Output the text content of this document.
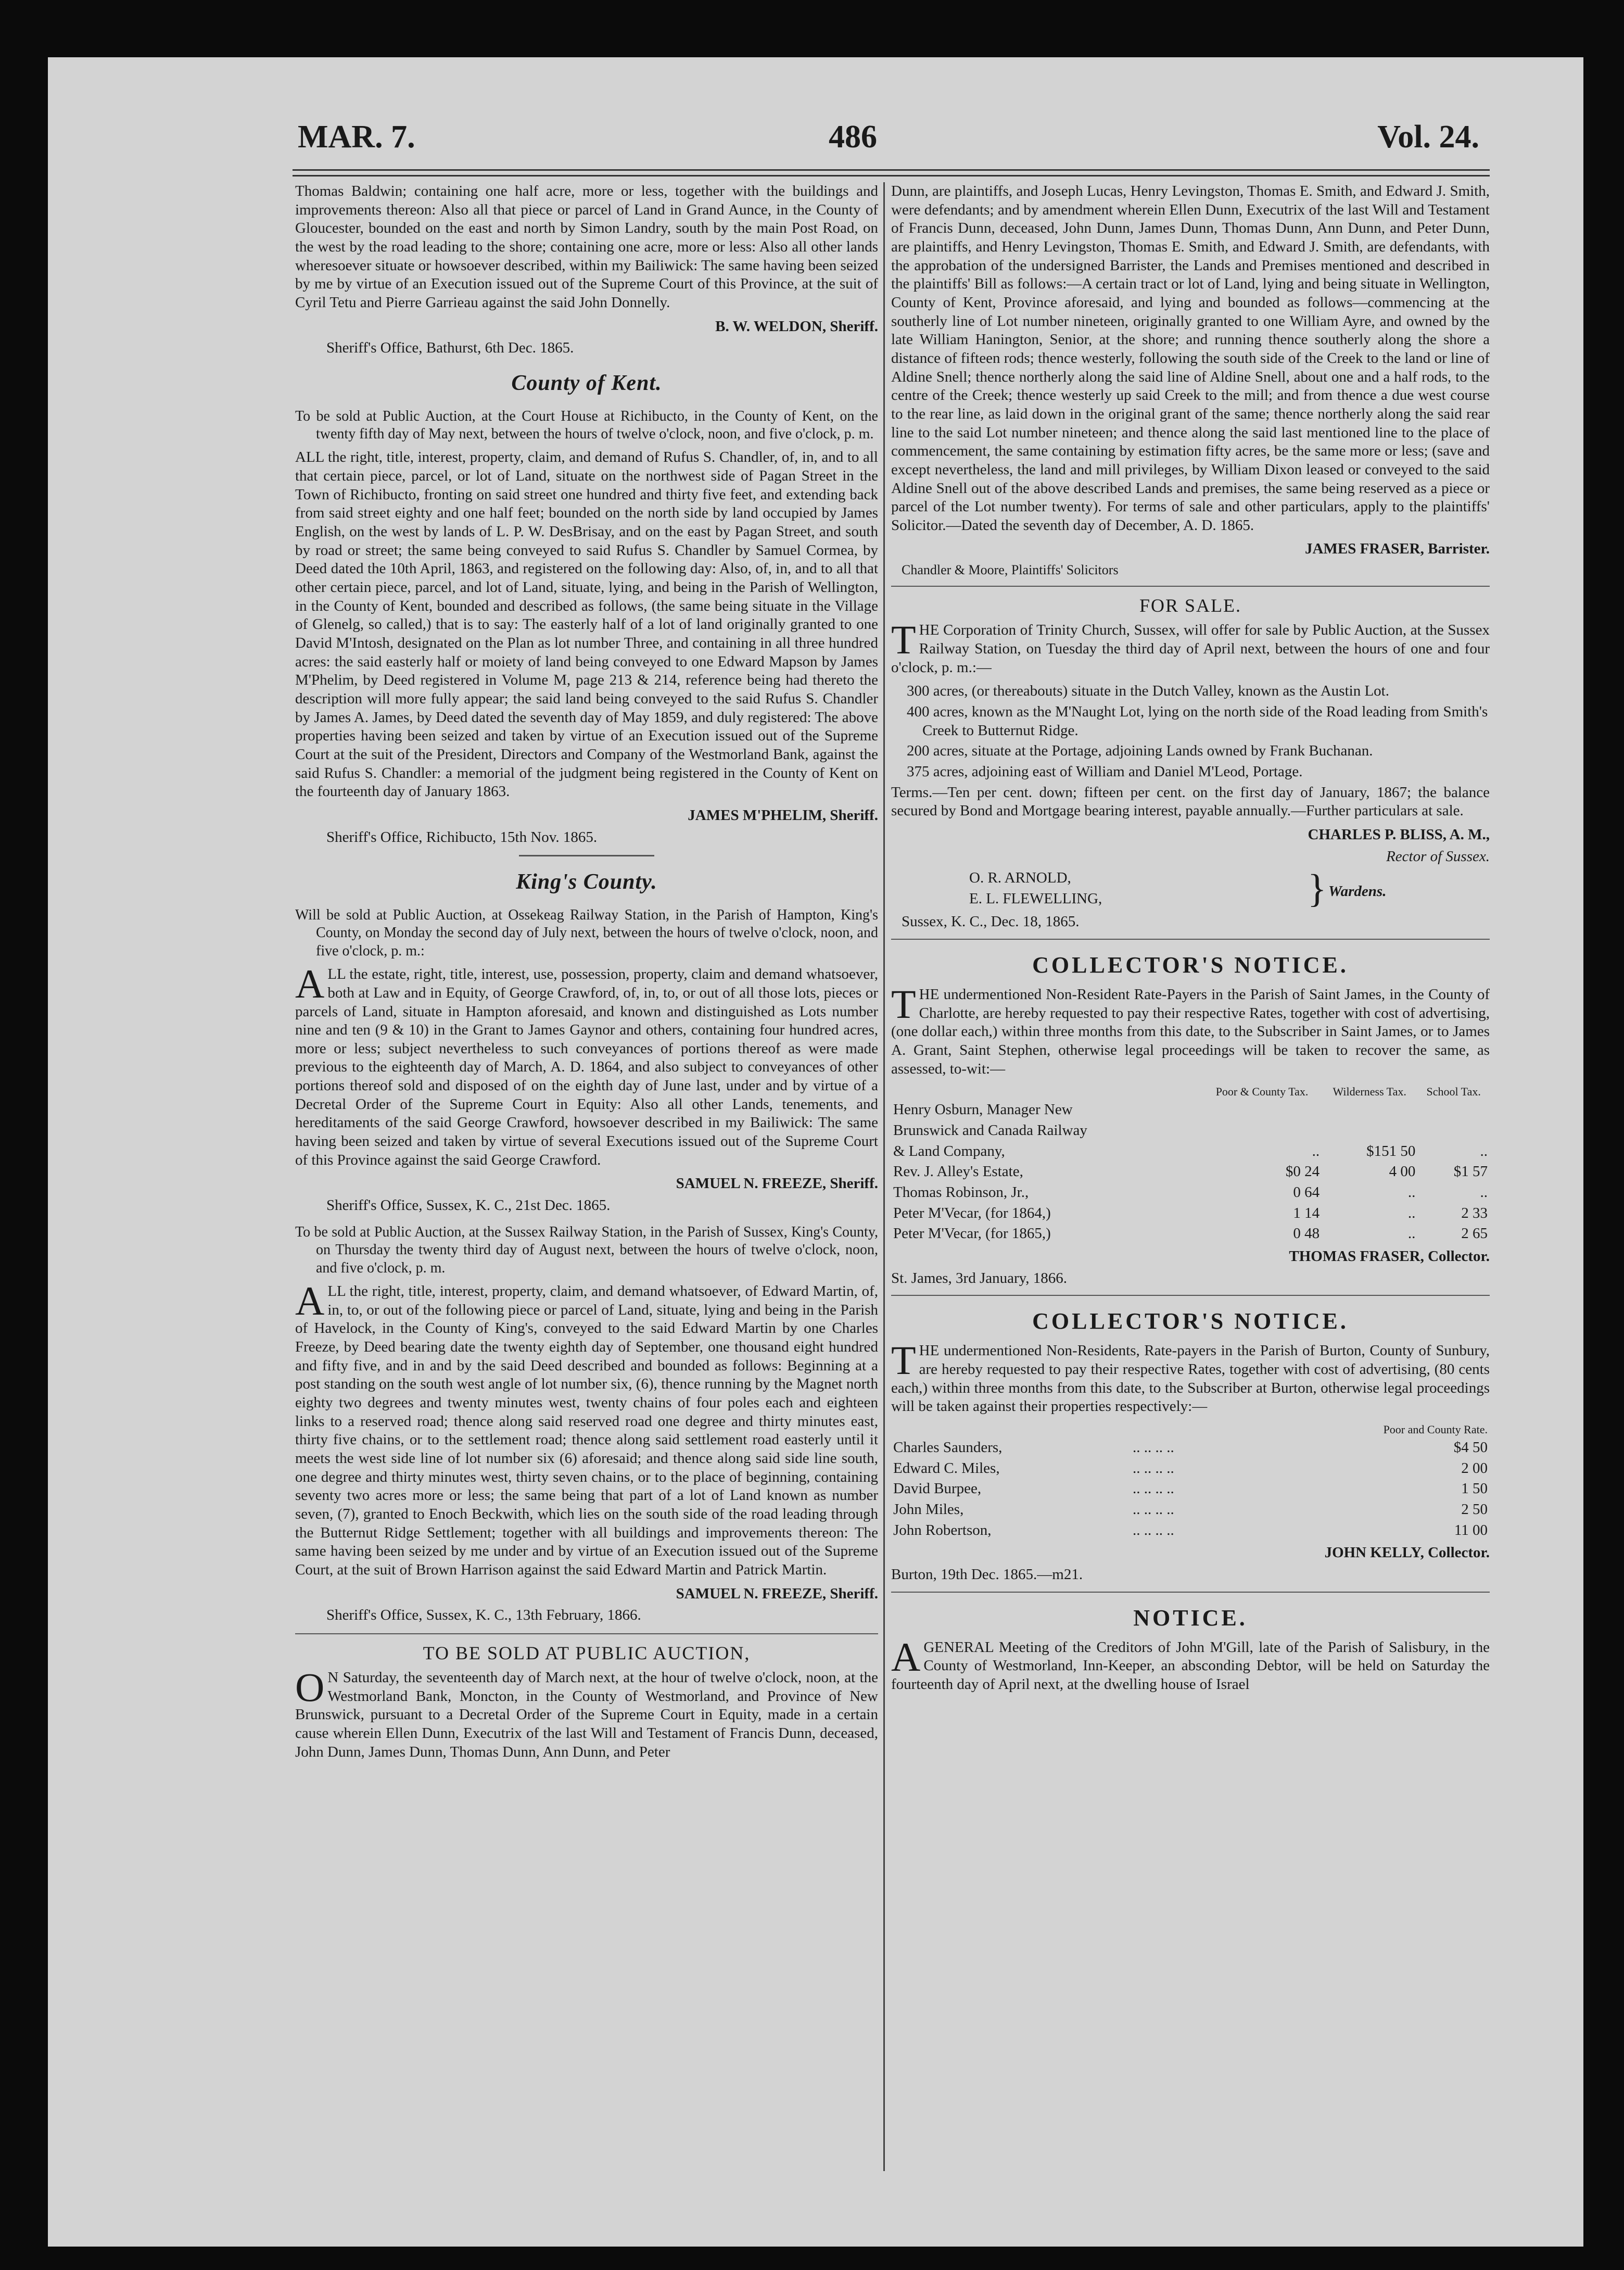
MAR. 7.	486	Vol. 24.

Thomas Baldwin; containing one half acre, more or less, together with the buildings and improvements thereon: Also all that piece or parcel of Land in Grand Aunce, in the County of Gloucester, bounded on the east and north by Simon Landry, south by the main Post Road, on the west by the road leading to the shore; containing one acre, more or less: Also all other lands wheresoever situate or howsoever described, within my Bailiwick: The same having been seized by me by virtue of an Execution issued out of the Supreme Court of this Province, at the suit of Cyril Tetu and Pierre Garrieau against the said John Donnelly.

B. W. WELDON, Sheriff.
Sheriff's Office, Bathurst, 6th Dec. 1865.
County of Kent.

To be sold at Public Auction, at the Court House at Richibucto, in the County of Kent, on the twenty fifth day of May next, between the hours of twelve o'clock, noon, and five o'clock, p. m.

ALL the right, title, interest, property, claim, and demand of Rufus S. Chandler, of, in, and to all that certain piece, parcel, or lot of Land, situate on the northwest side of Pagan Street in the Town of Richibucto, fronting on said street one hundred and thirty five feet, and extending back from said street eighty and one half feet; bounded on the north side by land occupied by James English, on the west by lands of L. P. W. DesBrisay, and on the east by Pagan Street, and south by road or street; the same being conveyed to said Rufus S. Chandler by Samuel Cormea, by Deed dated the 10th April, 1863, and registered on the following day: Also, of, in, and to all that other certain piece, parcel, and lot of Land, situate, lying, and being in the Parish of Wellington, in the County of Kent, bounded and described as follows, (the same being situate in the Village of Glenelg, so called,) that is to say: The easterly half of a lot of land originally granted to one David M'Intosh, designated on the Plan as lot number Three, and containing in all three hundred acres: the said easterly half or moiety of land being conveyed to one Edward Mapson by James M'Phelim, by Deed registered in Volume M, page 213 & 214, reference being had thereto the description will more fully appear; the said land being conveyed to the said Rufus S. Chandler by James A. James, by Deed dated the seventh day of May 1859, and duly registered: The above properties having been seized and taken by virtue of an Execution issued out of the Supreme Court at the suit of the President, Directors and Company of the Westmorland Bank, against the said Rufus S. Chandler: a memorial of the judgment being registered in the County of Kent on the fourteenth day of January 1863.

JAMES M'PHELIM, Sheriff.
Sheriff's Office, Richibucto, 15th Nov. 1865.
King's County.

Will be sold at Public Auction, at Ossekeag Railway Station, in the Parish of Hampton, King's County, on Monday the second day of July next, between the hours of twelve o'clock, noon, and five o'clock, p. m.:

ALL the estate, right, title, interest, use, possession, property, claim and demand whatsoever, both at Law and in Equity, of George Crawford, of, in, to, or out of all those lots, pieces or parcels of Land, situate in Hampton aforesaid, and known and distinguished as Lots number nine and ten (9 & 10) in the Grant to James Gaynor and others, containing four hundred acres, more or less; subject nevertheless to such conveyances of portions thereof as were made previous to the eighteenth day of March, A. D. 1864, and also subject to conveyances of other portions thereof sold and disposed of on the eighth day of June last, under and by virtue of a Decretal Order of the Supreme Court in Equity: Also all other Lands, tenements, and hereditaments of the said George Crawford, howsoever described in my Bailiwick: The same having been seized and taken by virtue of several Executions issued out of the Supreme Court of this Province against the said George Crawford.

SAMUEL N. FREEZE, Sheriff.
Sheriff's Office, Sussex, K. C., 21st Dec. 1865.

To be sold at Public Auction, at the Sussex Railway Station, in the Parish of Sussex, King's County, on Thursday the twenty third day of August next, between the hours of twelve o'clock, noon, and five o'clock, p. m.

ALL the right, title, interest, property, claim, and demand whatsoever, of Edward Martin, of, in, to, or out of the following piece or parcel of Land, situate, lying and being in the Parish of Havelock, in the County of King's, conveyed to the said Edward Martin by one Charles Freeze, by Deed bearing date the twenty eighth day of September, one thousand eight hundred and fifty five, and in and by the said Deed described and bounded as follows: Beginning at a post standing on the south west angle of lot number six, (6), thence running by the Magnet north eighty two degrees and twenty minutes west, twenty chains of four poles each and eighteen links to a reserved road; thence along said reserved road one degree and thirty minutes east, thirty five chains, or to the settlement road; thence along said settlement road easterly until it meets the west side line of lot number six (6) aforesaid; and thence along said side line south, one degree and thirty minutes west, thirty seven chains, or to the place of beginning, containing seventy two acres more or less; the same being that part of a lot of Land known as number seven, (7), granted to Enoch Beckwith, which lies on the south side of the road leading through the Butternut Ridge Settlement; together with all buildings and improvements thereon: The same having been seized by me under and by virtue of an Execution issued out of the Supreme Court, at the suit of Brown Harrison against the said Edward Martin and Patrick Martin.

SAMUEL N. FREEZE, Sheriff.
Sheriff's Office, Sussex, K. C., 13th February, 1866.
TO BE SOLD AT PUBLIC AUCTION,

ON Saturday, the seventeenth day of March next, at the hour of twelve o'clock, noon, at the Westmorland Bank, Moncton, in the County of Westmorland, and Province of New Brunswick, pursuant to a Decretal Order of the Supreme Court in Equity, made in a certain cause wherein Ellen Dunn, Executrix of the last Will and Testament of Francis Dunn, deceased, John Dunn, James Dunn, Thomas Dunn, Ann Dunn, and Peter

Dunn, are plaintiffs, and Joseph Lucas, Henry Levingston, Thomas E. Smith, and Edward J. Smith, were defendants; and by amendment wherein Ellen Dunn, Executrix of the last Will and Testament of Francis Dunn, deceased, John Dunn, James Dunn, Thomas Dunn, Ann Dunn, and Peter Dunn, are plaintiffs, and Henry Levingston, Thomas E. Smith, and Edward J. Smith, are defendants, with the approbation of the undersigned Barrister, the Lands and Premises mentioned and described in the plaintiffs' Bill as follows:—A certain tract or lot of Land, lying and being situate in Wellington, County of Kent, Province aforesaid, and lying and bounded as follows—commencing at the southerly line of Lot number nineteen, originally granted to one William Ayre, and owned by the late William Hanington, Senior, at the shore; and running thence southerly along the shore a distance of fifteen rods; thence westerly, following the south side of the Creek to the land or line of Aldine Snell; thence northerly along the said line of Aldine Snell, about one and a half rods, to the centre of the Creek; thence westerly up said Creek to the mill; and from thence a due west course to the rear line, as laid down in the original grant of the same; thence northerly along the said rear line to the said Lot number nineteen; and thence along the said last mentioned line to the place of commencement, the same containing by estimation fifty acres, be the same more or less; (save and except nevertheless, the land and mill privileges, by William Dixon leased or conveyed to the said Aldine Snell out of the above described Lands and premises, the same being reserved as a piece or parcel of the Lot number twenty). For terms of sale and other particulars, apply to the plaintiffs' Solicitor.—Dated the seventh day of December, A. D. 1865.

JAMES FRASER, Barrister.
Chandler & Moore, Plaintiffs' Solicitors
FOR SALE.

THE Corporation of Trinity Church, Sussex, will offer for sale by Public Auction, at the Sussex Railway Station, on Tuesday the third day of April next, between the hours of one and four o'clock, p. m.:—

300 acres, (or thereabouts) situate in the Dutch Valley, known as the Austin Lot.
400 acres, known as the M'Naught Lot, lying on the north side of the Road leading from Smith's Creek to Butternut Ridge.
200 acres, situate at the Portage, adjoining Lands owned by Frank Buchanan.
375 acres, adjoining east of William and Daniel M'Leod, Portage.

Terms.—Ten per cent. down; fifteen per cent. on the first day of January, 1867; the balance secured by Bond and Mortgage bearing interest, payable annually.—Further particulars at sale.

CHARLES P. BLISS, A. M.,
Rector of Sussex.
O. R. ARNOLD,
E. L. FLEWELLING,	} Wardens.
Sussex, K. C., Dec. 18, 1865.
COLLECTOR'S NOTICE.

THE undermentioned Non-Resident Rate-Payers in the Parish of Saint James, in the County of Charlotte, are hereby requested to pay their respective Rates, together with cost of advertising, (one dollar each,) within three months from this date, to the Subscriber in Saint James, or to James A. Grant, Saint Stephen, otherwise legal proceedings will be taken to recover the same, as assessed, to-wit:—

	Poor & County Tax.	Wilderness Tax.	School Tax.
Henry Osburn, Manager New			
Brunswick and Canada Railway			
& Land Company,	..	$151 50	..
Rev. J. Alley's Estate,	$0 24	4 00	$1 57
Thomas Robinson, Jr.,	0 64	..	..
Peter M'Vecar, (for 1864,)	1 14	..	2 33
Peter M'Vecar, (for 1865,)	0 48	..	2 65
THOMAS FRASER, Collector.
St. James, 3rd January, 1866.
COLLECTOR'S NOTICE.

THE undermentioned Non-Residents, Rate-payers in the Parish of Burton, County of Sunbury, are hereby requested to pay their respective Rates, together with cost of advertising, (80 cents each,) within three months from this date, to the Subscriber at Burton, otherwise legal proceedings will be taken against their properties respectively:—

		Poor and County Rate.
Charles Saunders,	.. .. .. ..	$4 50
Edward C. Miles,	.. .. .. ..	2 00
David Burpee,	.. .. .. ..	1 50
John Miles,	.. .. .. ..	2 50
John Robertson,	.. .. .. ..	11 00
JOHN KELLY, Collector.
Burton, 19th Dec. 1865.—m21.
NOTICE.

AGENERAL Meeting of the Creditors of John M'Gill, late of the Parish of Salisbury, in the County of Westmorland, Inn-Keeper, an absconding Debtor, will be held on Saturday the fourteenth day of April next, at the dwelling house of Israel
